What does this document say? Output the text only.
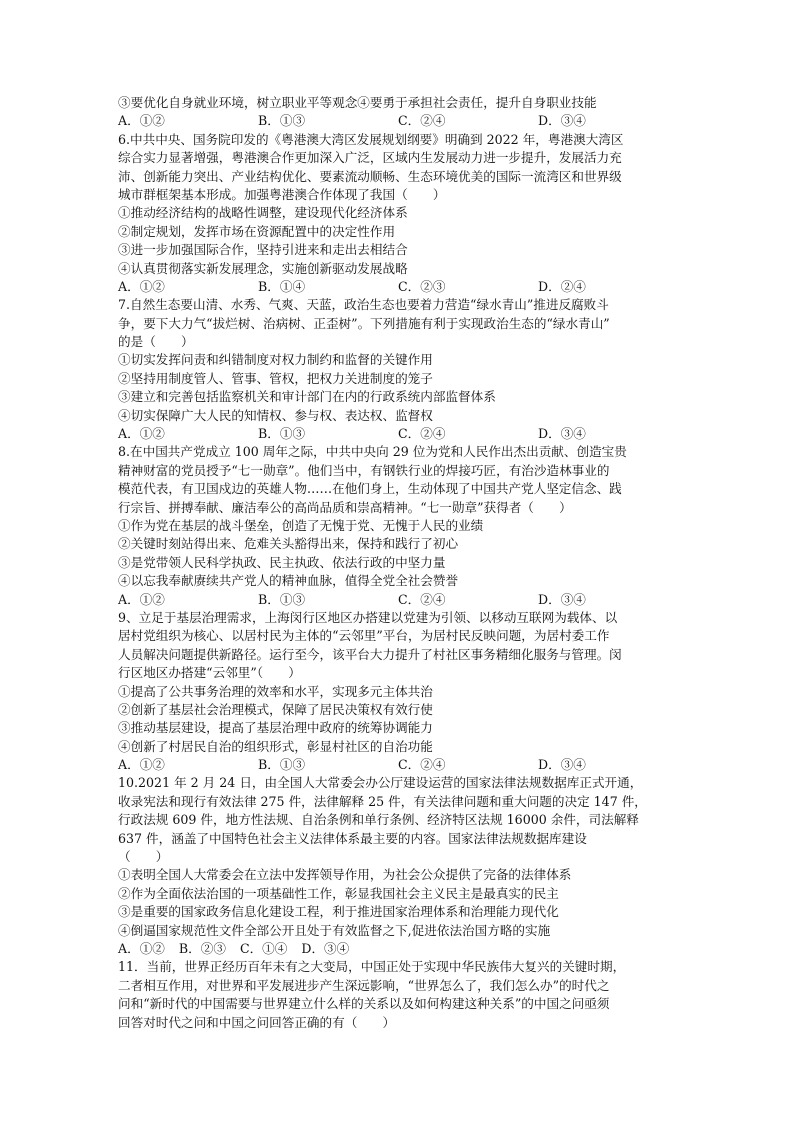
③要优化自身就业环境，树立职业平等观念④要勇于承担社会责任，提升自身职业技能
A．①②	B．①③	C．②④	D．③④
6.中共中央、国务院印发的《粤港澳大湾区发展规划纲要》明确到 2022 年，粤港澳大湾区
综合实力显著增强，粤港澳合作更加深入广泛，区域内生发展动力进一步提升，发展活力充
沛、创新能力突出、产业结构优化、要素流动顺畅、生态环境优美的国际一流湾区和世界级
城市群框架基本形成。加强粤港澳合作体现了我国（　　）
①推动经济结构的战略性调整，建设现代化经济体系
②制定规划，发挥市场在资源配置中的决定性作用
③进一步加强国际合作，坚持引进来和走出去相结合
④认真贯彻落实新发展理念，实施创新驱动发展战略
A．①②	B．①④	C．②③	D．②④
7.自然生态要山清、水秀、气爽、天蓝，政治生态也要着力营造“绿水青山”推进反腐败斗
争，要下大力气“拔烂树、治病树、正歪树”。下列措施有利于实现政治生态的“绿水青山”
的是（　　）
①切实发挥问责和纠错制度对权力制约和监督的关键作用
②坚持用制度管人、管事、管权，把权力关进制度的笼子
③建立和完善包括监察机关和审计部门在内的行政系统内部监督体系
④切实保障广大人民的知情权、参与权、表达权、监督权
A．①②	B．①③	C．②④	D．③④
8.在中国共产党成立 100 周年之际，中共中央向 29 位为党和人民作出杰出贡献、创造宝贵
精神财富的党员授予“七一勋章”。他们当中，有钢铁行业的焊接巧匠，有治沙造林事业的
模范代表，有卫国戍边的英雄人物……在他们身上，生动体现了中国共产党人坚定信念、践
行宗旨、拼搏奉献、廉洁奉公的高尚品质和崇高精神。“七一勋章”获得者（　　）
①作为党在基层的战斗堡垒，创造了无愧于党、无愧于人民的业绩
②关键时刻站得出来、危难关头豁得出来，保持和践行了初心
③是党带领人民科学执政、民主执政、依法行政的中坚力量
④以忘我奉献赓续共产党人的精神血脉，值得全党全社会赞誉
A．①②	B．①③	C．②④	D．③④
9、立足于基层治理需求，上海闵行区地区办搭建以党建为引领、以移动互联网为载体、以
居村党组织为核心、以居村民为主体的“云邻里”平台，为居村民反映问题，为居村委工作
人员解决问题提供新路径。运行至今，该平台大力提升了村社区事务精细化服务与管理。闵
行区地区办搭建“云邻里”（　　）
①提高了公共事务治理的效率和水平，实现多元主体共治
②创新了基层社会治理模式，保障了居民决策权有效行使
③推动基层建设，提高了基层治理中政府的统筹协调能力
④创新了村居民自治的组织形式，彰显村社区的自治功能
A．①②	B．①③	C．②④	D．③④
10.2021 年 2 月 24 日，由全国人大常委会办公厅建设运营的国家法律法规数据库正式开通，
收录宪法和现行有效法律 275 件，法律解释 25 件，有关法律问题和重大问题的决定 147 件，
行政法规 609 件，地方性法规、自治条例和单行条例、经济特区法规 16000 余件，司法解释
637 件，涵盖了中国特色社会主义法律体系最主要的内容。国家法律法规数据库建设
（　　）
①表明全国人大常委会在立法中发挥领导作用，为社会公众提供了完备的法律体系
②作为全面依法治国的一项基础性工作，彰显我国社会主义民主是最真实的民主
③是重要的国家政务信息化建设工程，利于推进国家治理体系和治理能力现代化
④倒逼国家规范性文件全部公开且处于有效监督之下,促进依法治国方略的实施
A．①② B．②③ C．①④ D．③④
11．当前，世界正经历百年未有之大变局，中国正处于实现中华民族伟大复兴的关键时期，
二者相互作用，对世界和平发展进步产生深远影响，“世界怎么了，我们怎么办”的时代之
问和“新时代的中国需要与世界建立什么样的关系以及如何构建这种关系”的中国之问亟须
回答对时代之问和中国之问回答正确的有（　　）
